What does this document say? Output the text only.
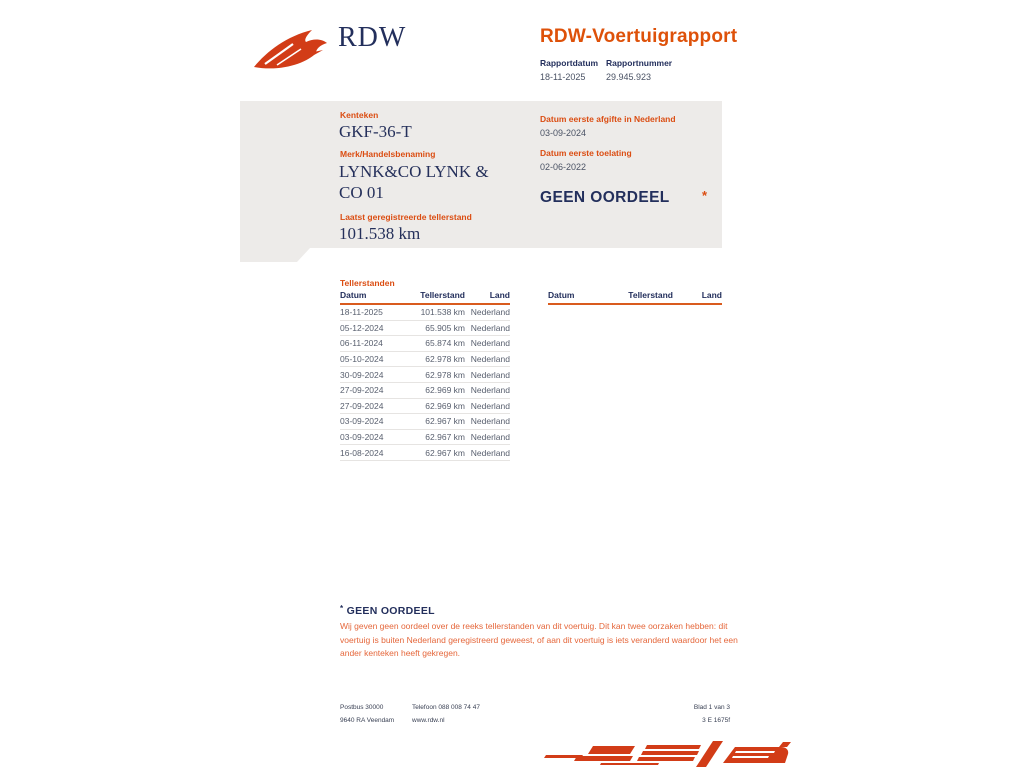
RDW	RDW-Voertuigrapport
Rapportdatum Rapportnummer
18-11-2025 29.945.923
Kenteken
GKF-36-T
Merk/Handelsbenaming
LYNK&CO LYNK & CO 01
Laatst geregistreerde tellerstand
101.538 km
Datum eerste afgifte in Nederland
03-09-2024
Datum eerste toelating
02-06-2022
GEEN OORDEEL *
Tellerstanden
Datum	Tellerstand	Land
18-11-2025	101.538 km Nederland
05-12-2024	65.905 km Nederland
06-11-2024	65.874 km Nederland
05-10-2024	62.978 km Nederland
30-09-2024	62.978 km Nederland
27-09-2024	62.969 km Nederland
27-09-2024	62.969 km Nederland
03-09-2024	62.967 km Nederland
03-09-2024	62.967 km Nederland
16-08-2024	62.967 km Nederland
Datum	Tellerstand	Land
* GEEN OORDEEL
Wij geven geen oordeel over de reeks tellerstanden van dit voertuig. Dit kan twee oorzaken hebben: dit voertuig is buiten Nederland geregistreerd geweest, of aan dit voertuig is iets veranderd waardoor het een ander kenteken heeft gekregen.
Postbus 30000
9640 RA Veendam
Telefoon 088 008 74 47
www.rdw.nl
Blad 1 van 3
3 E 1675f
